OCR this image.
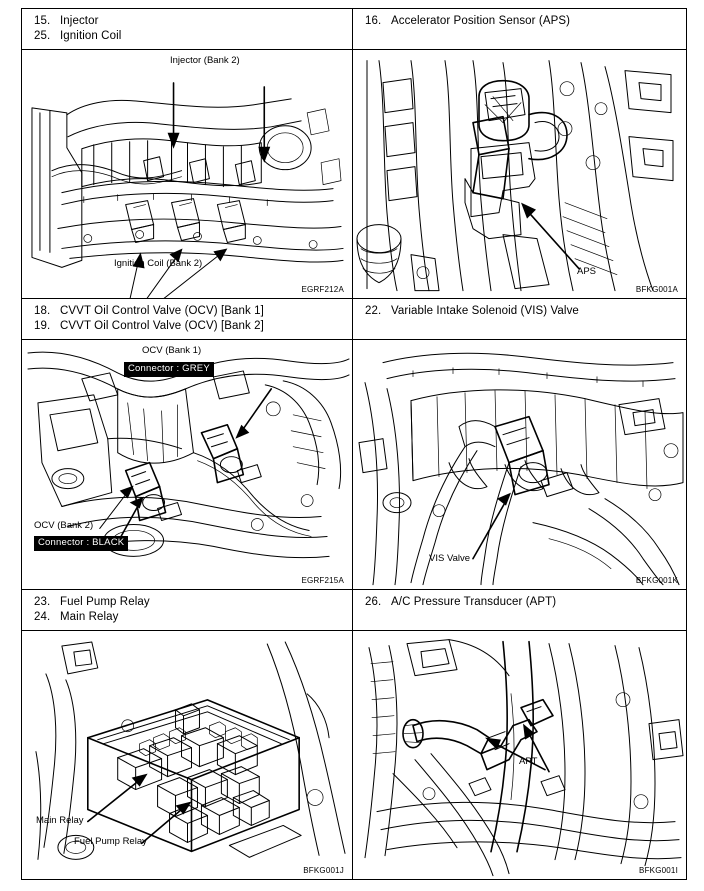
15. Injector
25. Ignition Coil
Injector (Bank 2)
Ignition Coil (Bank 2)
EGRF212A
16. Accelerator Position Sensor (APS)

APS
BFKG001A
18. CVVT Oil Control Valve (OCV) [Bank 1]
19. CVVT Oil Control Valve (OCV) [Bank 2]
OCV (Bank 1)
Connector : GREY
OCV (Bank 2)
Connector : BLACK
EGRF215A
22. Variable Intake Solenoid (VIS) Valve

VIS Valve
BFKG001K
23. Fuel Pump Relay
24. Main Relay
Main Relay
Fuel Pump Relay
BFKG001J
26. A/C Pressure Transducer (APT)

APT
BFKG001I
